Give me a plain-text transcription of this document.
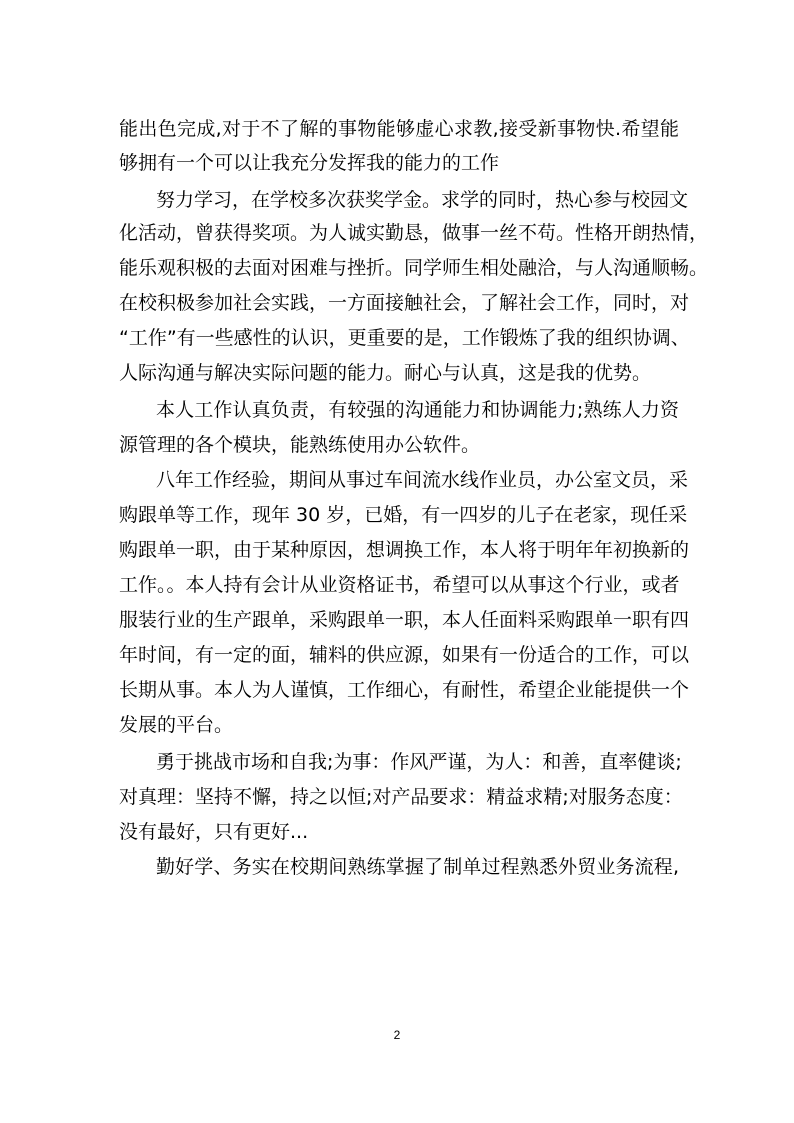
能出色完成,对于不了解的事物能够虚心求教,接受新事物快.希望能
够拥有一个可以让我充分发挥我的能力的工作
努力学习，在学校多次获奖学金。求学的同时，热心参与校园文
化活动，曾获得奖项。为人诚实勤恳，做事一丝不苟。性格开朗热情，
能乐观积极的去面对困难与挫折。同学师生相处融洽，与人沟通顺畅。
在校积极参加社会实践，一方面接触社会，了解社会工作，同时，对
“工作”有一些感性的认识，更重要的是，工作锻炼了我的组织协调、
人际沟通与解决实际问题的能力。耐心与认真，这是我的优势。
本人工作认真负责，有较强的沟通能力和协调能力;熟练人力资
源管理的各个模块，能熟练使用办公软件。
八年工作经验，期间从事过车间流水线作业员，办公室文员，采
购跟单等工作，现年 30 岁，已婚，有一四岁的儿子在老家，现任采
购跟单一职，由于某种原因，想调换工作，本人将于明年年初换新的
工作。。本人持有会计从业资格证书，希望可以从事这个行业，或者
服装行业的生产跟单，采购跟单一职，本人任面料采购跟单一职有四
年时间，有一定的面，辅料的供应源，如果有一份适合的工作，可以
长期从事。本人为人谨慎，工作细心，有耐性，希望企业能提供一个
发展的平台。
勇于挑战市场和自我;为事：作风严谨，为人：和善，直率健谈;
对真理：坚持不懈，持之以恒;对产品要求：精益求精;对服务态度：
没有最好，只有更好...
勤好学、务实在校期间熟练掌握了制单过程熟悉外贸业务流程,
2
